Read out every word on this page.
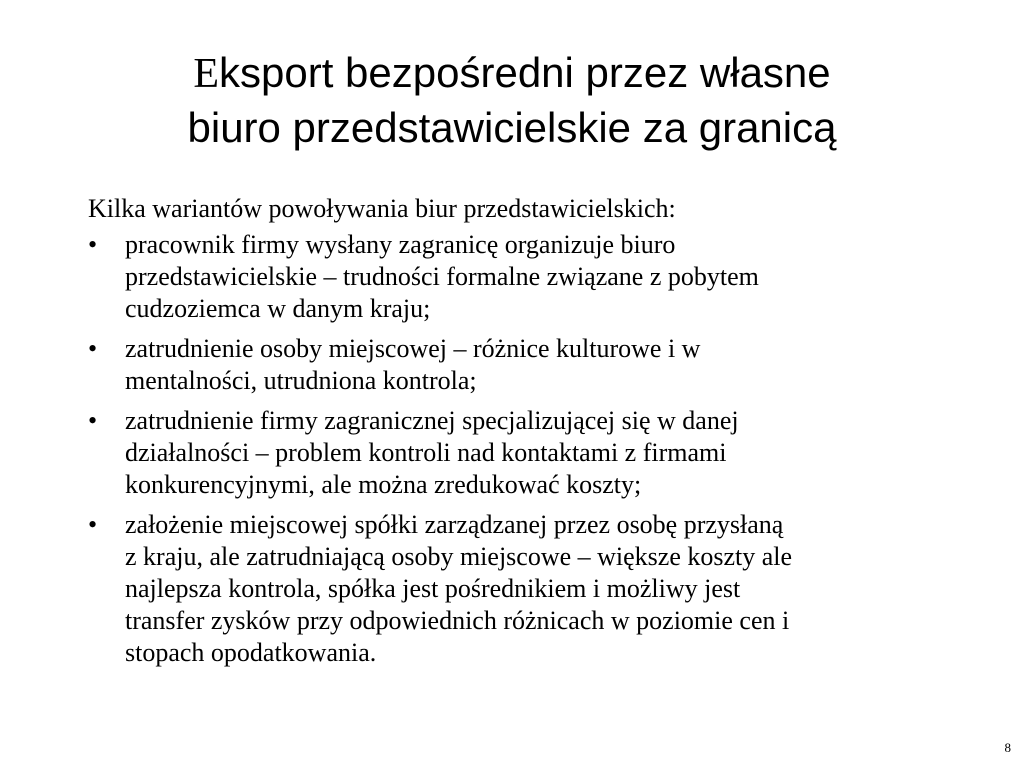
Eksport bezpośredni przez własne
biuro przedstawicielskie za granicą

Kilka wariantów powoływania biur przedstawicielskich:

• pracownik firmy wysłany zagranicę organizuje biuro
przedstawicielskie – trudności formalne związane z pobytem
cudzoziemca w danym kraju;
• zatrudnienie osoby miejscowej – różnice kulturowe i w
mentalności, utrudniona kontrola;
• zatrudnienie firmy zagranicznej specjalizującej się w danej
działalności – problem kontroli nad kontaktami z firmami
konkurencyjnymi, ale można zredukować koszty;
• założenie miejscowej spółki zarządzanej przez osobę przysłaną
z kraju, ale zatrudniającą osoby miejscowe – większe koszty ale
najlepsza kontrola, spółka jest pośrednikiem i możliwy jest
transfer zysków przy odpowiednich różnicach w poziomie cen i
stopach opodatkowania.
8
